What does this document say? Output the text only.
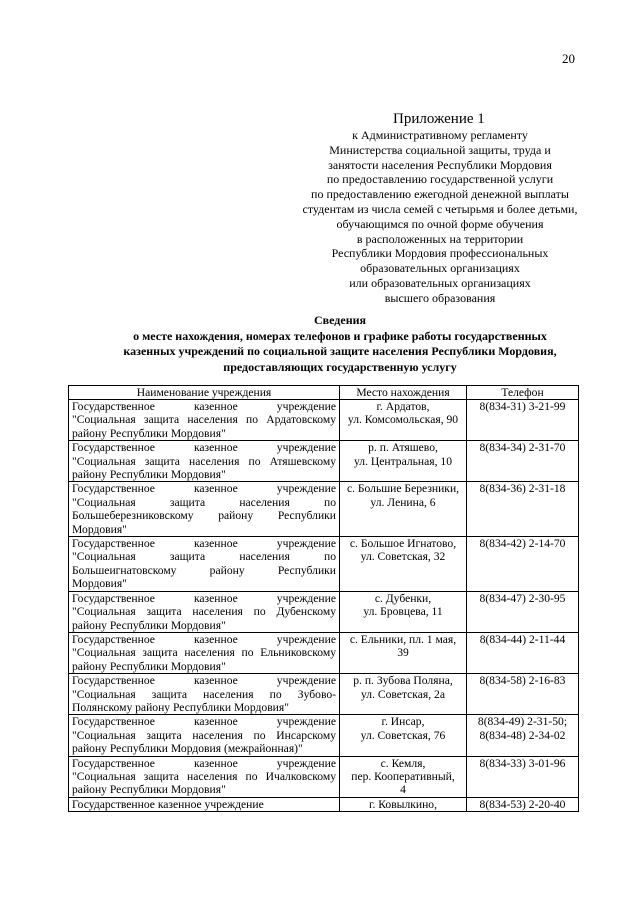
20
Приложение 1
к Административному регламенту
Министерства социальной защиты, труда и
занятости населения Республики Мордовия
по предоставлению государственной услуги
по предоставлению ежегодной денежной выплаты
студентам из числа семей с четырьмя и более детьми,
обучающимся по очной форме обучения
в расположенных на территории
Республики Мордовия профессиональных
образовательных организациях
или образовательных организациях
высшего образования
Сведения
о месте нахождения, номерах телефонов и графике работы государственных
казенных учреждений по социальной защите населения Республики Мордовия,
предоставляющих государственную услугу
Наименование учреждения	Место нахождения	Телефон

Государственное казенное учреждение
"Социальная защита населения по Ардатовскому
району Республики Мордовия"	г. Ардатов,
ул. Комсомольская, 90	8(834-31) 3-21-99

Государственное казенное учреждение
"Социальная защита населения по Атяшевскому
району Республики Мордовия"	р. п. Атяшево,
ул. Центральная, 10	8(834-34) 2-31-70

Государственное казенное учреждение
"Социальная защита населения по
Большеберезниковскому району Республики
Мордовия"	с. Большие Березники,
ул. Ленина, 6	8(834-36) 2-31-18

Государственное казенное учреждение
"Социальная защита населения по
Большеигнатовскому району Республики
Мордовия"	с. Большое Игнатово,
ул. Советская, 32	8(834-42) 2-14-70

Государственное казенное учреждение
"Социальная защита населения по Дубенскому
району Республики Мордовия"	с. Дубенки,
ул. Бровцева, 11	8(834-47) 2-30-95

Государственное казенное учреждение
"Социальная защита населения по Ельниковскому
району Республики Мордовия"	с. Ельники, пл. 1 мая,
39	8(834-44) 2-11-44

Государственное казенное учреждение
"Социальная защита населения по Зубово-
Полянскому району Республики Мордовия"	р. п. Зубова Поляна,
ул. Советская, 2а	8(834-58) 2-16-83

Государственное казенное учреждение
"Социальная защита населения по Инсарскому
району Республики Мордовия (межрайонная)"	г. Инсар,
ул. Советская, 76	8(834-49) 2-31-50;
8(834-48) 2-34-02

Государственное казенное учреждение
"Социальная защита населения по Ичалковскому
району Республики Мордовия"	с. Кемля,
пер. Кооперативный,
4	8(834-33) 3-01-96

Государственное казенное учреждение	г. Ковылкино,	8(834-53) 2-20-40
